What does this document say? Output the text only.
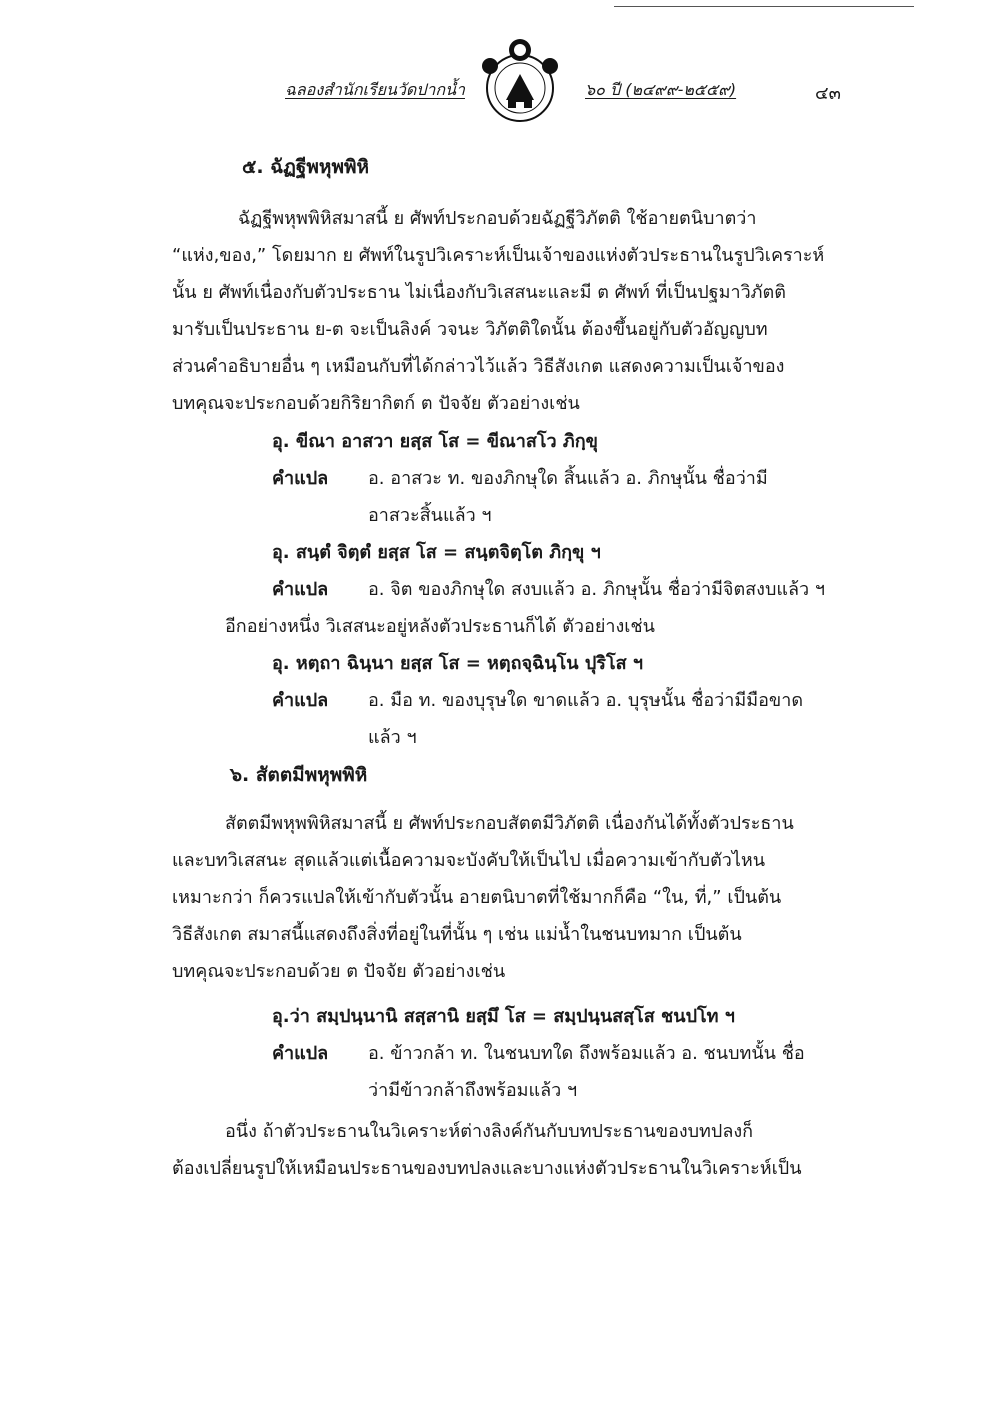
ฉลองสำนักเรียนวัดปากน้ำ	๖๐ ปี (๒๔๙๙-๒๕๕๙)	๔๓
๕. ฉัฏฐีพหุพพิหิ
ฉัฏฐีพหุพพิหิสมาสนี้ ย ศัพท์ประกอบด้วยฉัฏฐีวิภัตติ ใช้อายตนิบาตว่า
“แห่ง,ของ,” โดยมาก ย ศัพท์ในรูปวิเคราะห์เป็นเจ้าของแห่งตัวประธานในรูปวิเคราะห์
นั้น ย ศัพท์เนื่องกับตัวประธาน ไม่เนื่องกับวิเสสนะและมี ต ศัพท์ ที่เป็นปฐมาวิภัตติ
มารับเป็นประธาน ย-ต จะเป็นลิงค์ วจนะ วิภัตติใดนั้น ต้องขึ้นอยู่กับตัวอัญญบท
ส่วนคำอธิบายอื่น ๆ เหมือนกับที่ได้กล่าวไว้แล้ว วิธีสังเกต แสดงความเป็นเจ้าของ
บทคุณจะประกอบด้วยกิริยากิตก์ ต ปัจจัย ตัวอย่างเช่น
อุ. ขีณา อาสวา ยสฺส โส = ขีณาสโว ภิกฺขุ
คำแปล อ. อาสวะ ท. ของภิกษุใด สิ้นแล้ว อ. ภิกษุนั้น ชื่อว่ามี
อาสวะสิ้นแล้ว ฯ
อุ. สนฺตํ จิตฺตํ ยสฺส โส = สนฺตจิตฺโต ภิกฺขุ ฯ
คำแปล อ. จิต ของภิกษุใด สงบแล้ว อ. ภิกษุนั้น ชื่อว่ามีจิตสงบแล้ว ฯ
อีกอย่างหนึ่ง วิเสสนะอยู่หลังตัวประธานก็ได้ ตัวอย่างเช่น
อุ. หตฺถา ฉินฺนา ยสฺส โส = หตฺถจฺฉินฺโน ปุริโส ฯ
คำแปล อ. มือ ท. ของบุรุษใด ขาดแล้ว อ. บุรุษนั้น ชื่อว่ามีมือขาด
แล้ว ฯ
๖. สัตตมีพหุพพิหิ
สัตตมีพหุพพิหิสมาสนี้ ย ศัพท์ประกอบสัตตมีวิภัตติ เนื่องกันได้ทั้งตัวประธาน
และบทวิเสสนะ สุดแล้วแต่เนื้อความจะบังคับให้เป็นไป เมื่อความเข้ากับตัวไหน
เหมาะกว่า ก็ควรแปลให้เข้ากับตัวนั้น อายตนิบาตที่ใช้มากก็คือ “ใน, ที่,” เป็นต้น
วิธีสังเกต สมาสนี้แสดงถึงสิ่งที่อยู่ในที่นั้น ๆ เช่น แม่น้ำในชนบทมาก เป็นต้น
บทคุณจะประกอบด้วย ต ปัจจัย ตัวอย่างเช่น
อุ.ว่า สมฺปนฺนานิ สสฺสานิ ยสฺมึ โส = สมฺปนฺนสสฺโส ชนปโท ฯ
คำแปล อ. ข้าวกล้า ท. ในชนบทใด ถึงพร้อมแล้ว อ. ชนบทนั้น ชื่อ
ว่ามีข้าวกล้าถึงพร้อมแล้ว ฯ
อนึ่ง ถ้าตัวประธานในวิเคราะห์ต่างลิงค์กันกับบทประธานของบทปลงก็
ต้องเปลี่ยนรูปให้เหมือนประธานของบทปลงและบางแห่งตัวประธานในวิเคราะห์เป็น
